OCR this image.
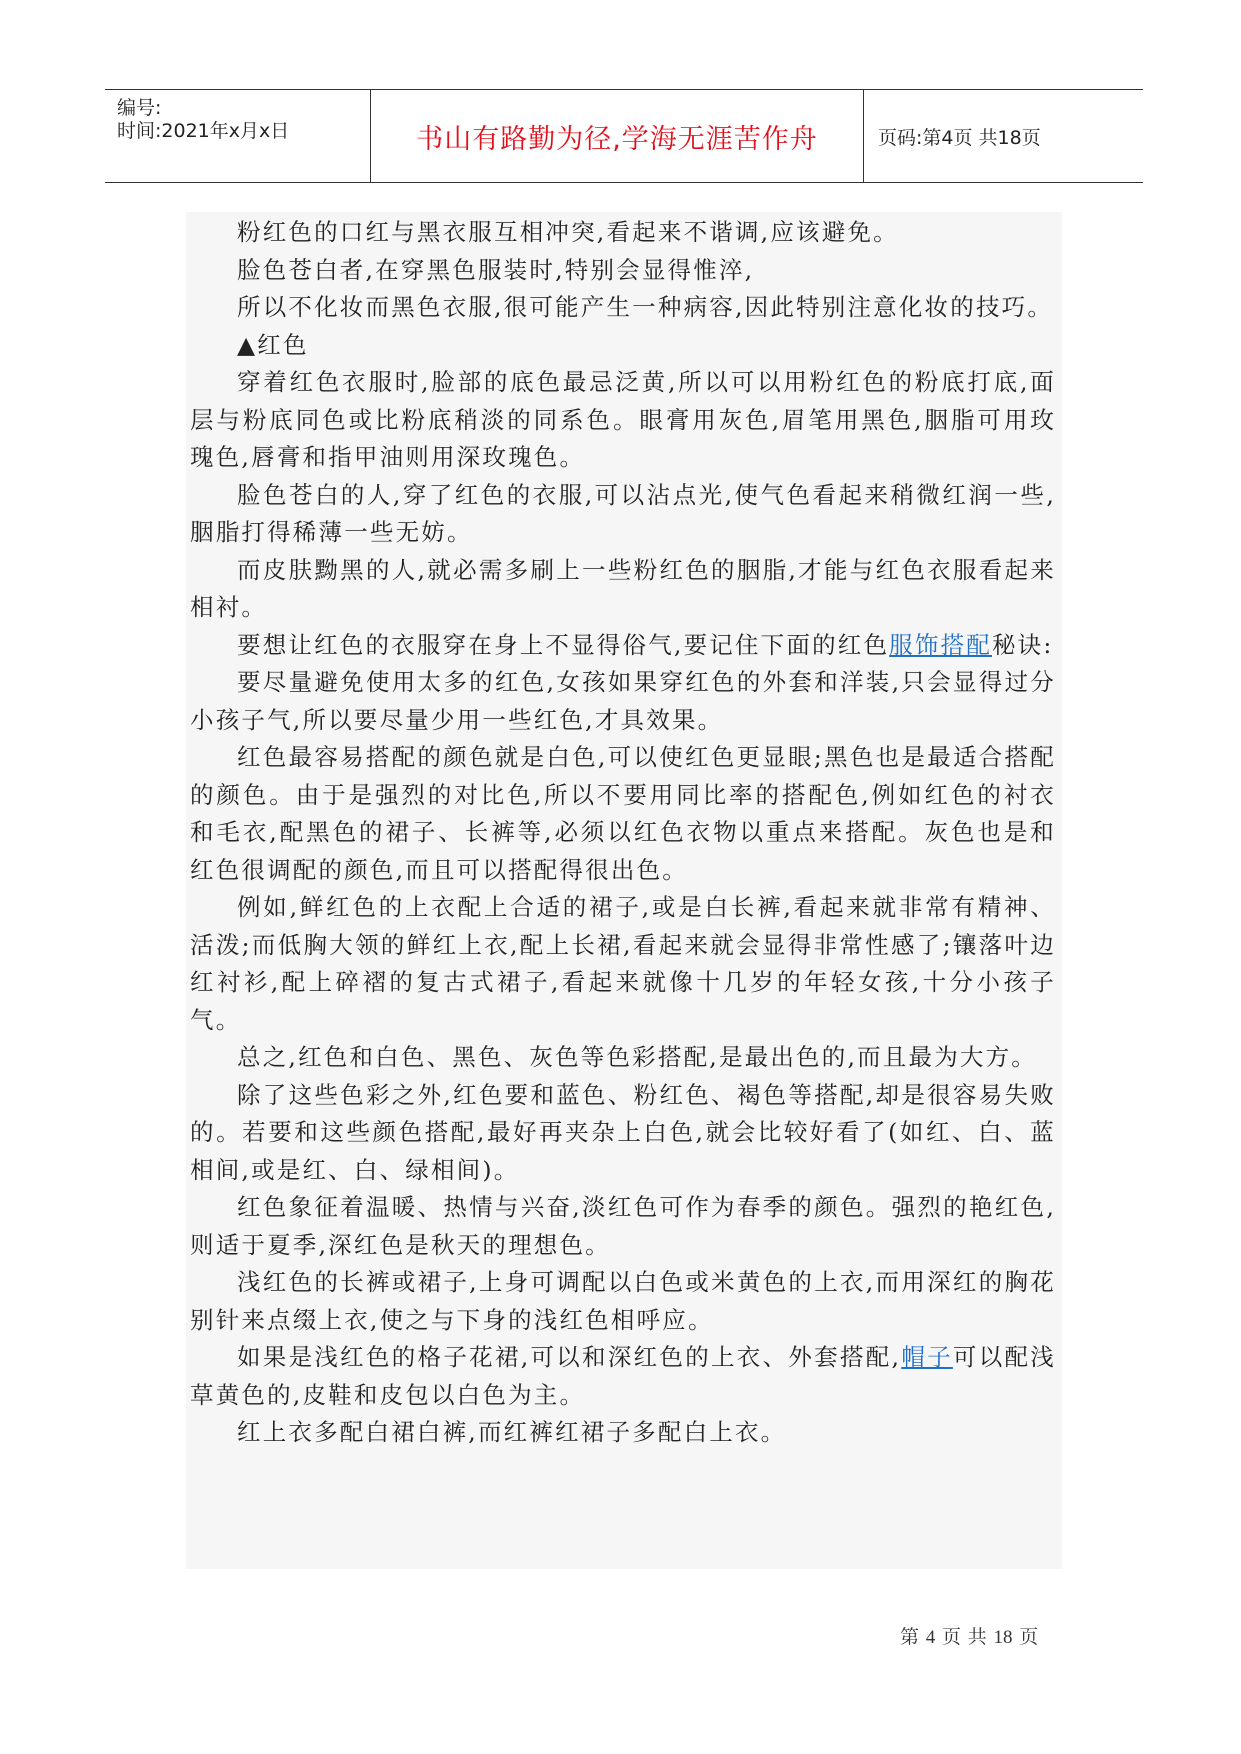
编号:
时间:2021年x月x日	书山有路勤为径,学海无涯苦作舟	页码:第4页 共18页

粉红色的口红与黑衣服互相冲突,看起来不谐调,应该避免。

脸色苍白者,在穿黑色服装时,特别会显得惟淬,

所以不化妆而黑色衣服,很可能产生一种病容,因此特别注意化妆的技巧。

▲红色

穿着红色衣服时,脸部的底色最忌泛黄,所以可以用粉红色的粉底打底,面层与粉底同色或比粉底稍淡的同系色。眼膏用灰色,眉笔用黑色,胭脂可用玫瑰色,唇膏和指甲油则用深玫瑰色。

脸色苍白的人,穿了红色的衣服,可以沾点光,使气色看起来稍微红润一些,胭脂打得稀薄一些无妨。

而皮肤黝黑的人,就必需多刷上一些粉红色的胭脂,才能与红色衣服看起来相衬。

要想让红色的衣服穿在身上不显得俗气,要记住下面的红色服饰搭配秘诀:

要尽量避免使用太多的红色,女孩如果穿红色的外套和洋装,只会显得过分小孩子气,所以要尽量少用一些红色,才具效果。

红色最容易搭配的颜色就是白色,可以使红色更显眼;黑色也是最适合搭配的颜色。由于是强烈的对比色,所以不要用同比率的搭配色,例如红色的衬衣和毛衣,配黑色的裙子、长裤等,必须以红色衣物以重点来搭配。灰色也是和红色很调配的颜色,而且可以搭配得很出色。

例如,鲜红色的上衣配上合适的裙子,或是白长裤,看起来就非常有精神、活泼;而低胸大领的鲜红上衣,配上长裙,看起来就会显得非常性感了;镶落叶边红衬衫,配上碎褶的复古式裙子,看起来就像十几岁的年轻女孩,十分小孩子气。

总之,红色和白色、黑色、灰色等色彩搭配,是最出色的,而且最为大方。

除了这些色彩之外,红色要和蓝色、粉红色、褐色等搭配,却是很容易失败的。若要和这些颜色搭配,最好再夹杂上白色,就会比较好看了(如红、白、蓝相间,或是红、白、绿相间)。

红色象征着温暖、热情与兴奋,淡红色可作为春季的颜色。强烈的艳红色,则适于夏季,深红色是秋天的理想色。

浅红色的长裤或裙子,上身可调配以白色或米黄色的上衣,而用深红的胸花别针来点缀上衣,使之与下身的浅红色相呼应。

如果是浅红色的格子花裙,可以和深红色的上衣、外套搭配,帽子可以配浅草黄色的,皮鞋和皮包以白色为主。

红上衣多配白裙白裤,而红裤红裙子多配白上衣。

第 4 页 共 18 页
